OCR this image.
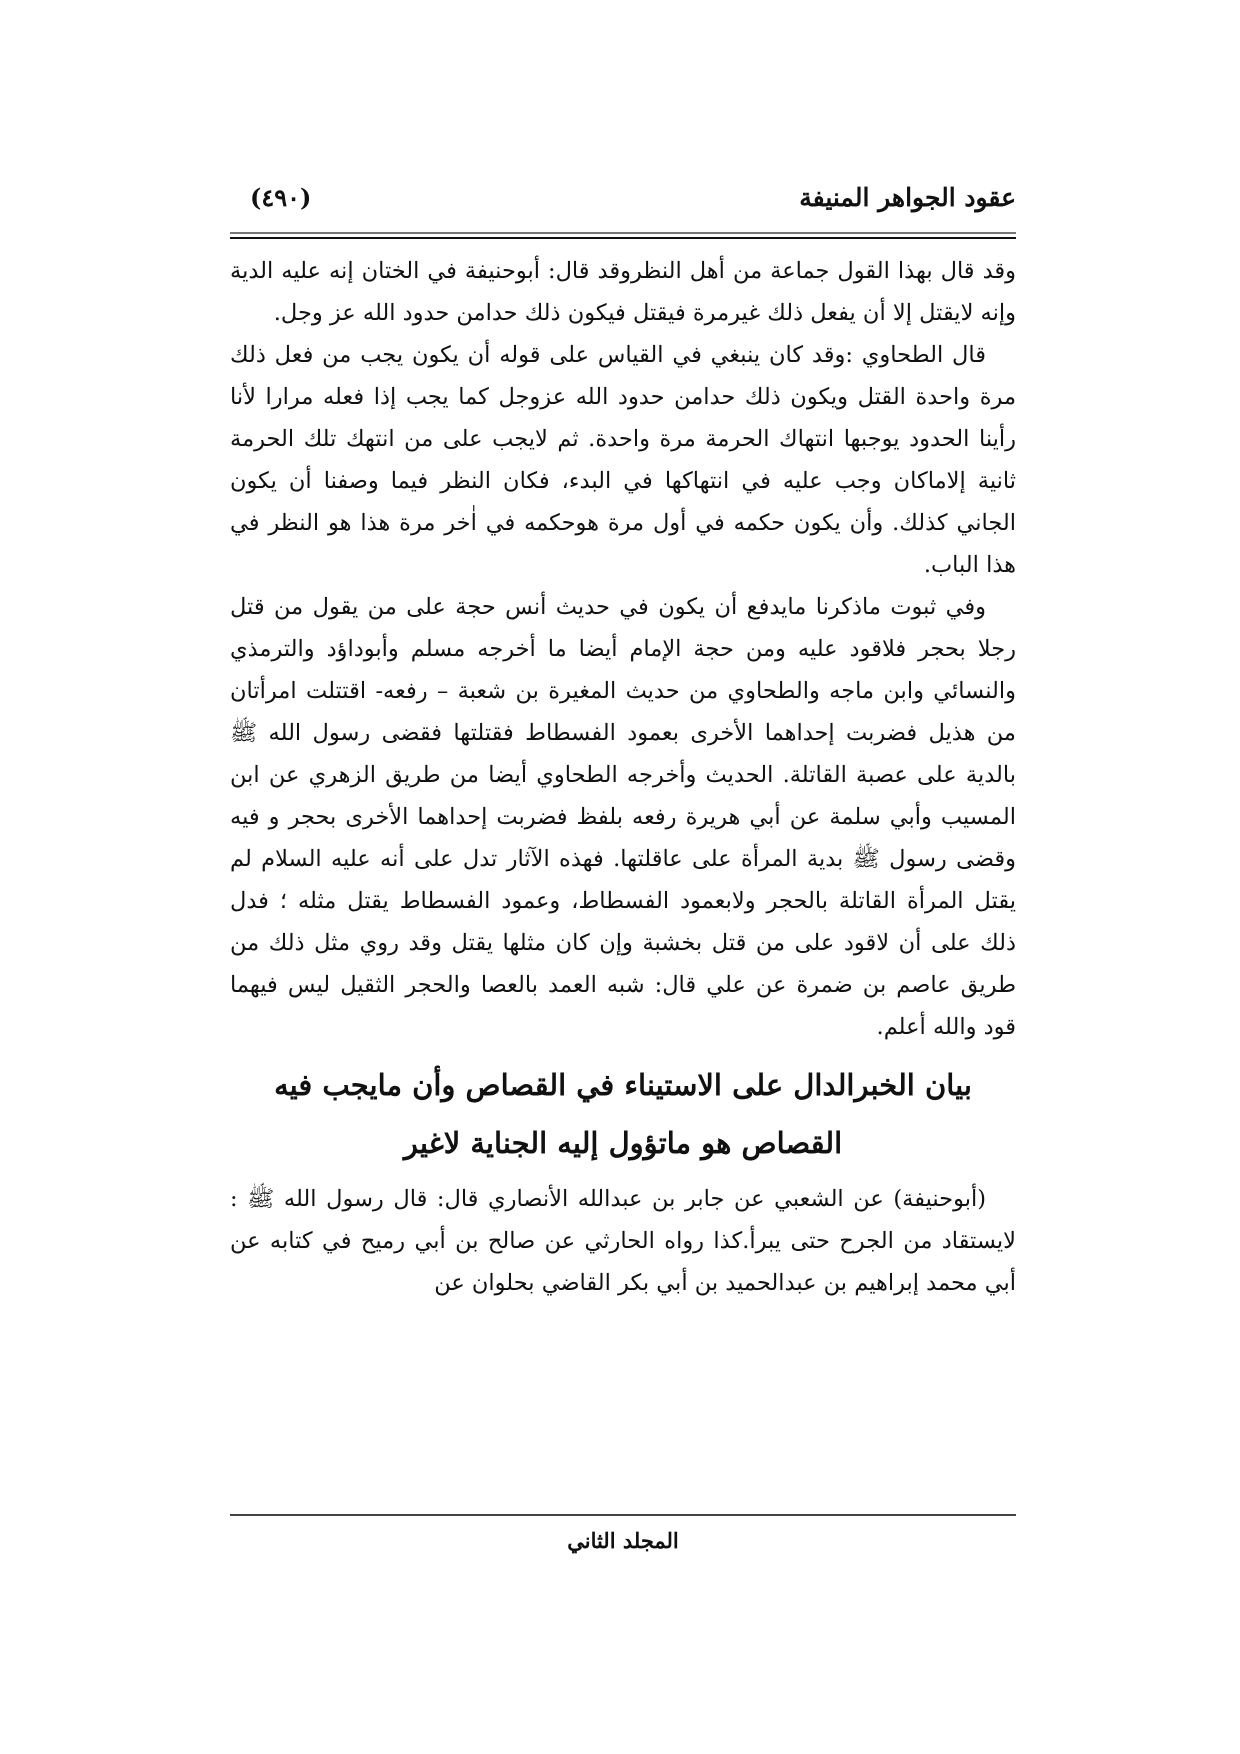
عقود الجواهر المنيفة
(٤٩٠)

وقد قال بهذا القول جماعة من أهل النظروقد قال: أبوحنيفة في الختان إنه عليه الدية وإنه لايقتل إلا أن يفعل ذلك غيرمرة فيقتل فيكون ذلك حدامن حدود الله عز وجل.

قال الطحاوي :وقد كان ينبغي في القياس على قوله أن يكون يجب من فعل ذلك مرة واحدة القتل ويكون ذلك حدامن حدود الله عزوجل كما يجب إذا فعله مرارا لأنا رأينا الحدود يوجبها انتهاك الحرمة مرة واحدة. ثم لايجب على من انتهك تلك الحرمة ثانية إلاماكان وجب عليه في انتهاكها في البدء، فكان النظر فيما وصفنا أن يكون الجاني كذلك. وأن يكون حكمه في أول مرة هوحكمه في اٰخر مرة هذا هو النظر في هذا الباب.

وفي ثبوت ماذكرنا مايدفع أن يكون في حديث أنس حجة على من يقول من قتل رجلا بحجر فلاقود عليه ومن حجة الإمام أيضا ما أخرجه مسلم وأبوداؤد والترمذي والنسائي وابن ماجه والطحاوي من حديث المغيرة بن شعبة – رفعه- اقتتلت امرأتان من هذيل فضربت إحداهما الأخرى بعمود الفسطاط فقتلتها فقضى رسول الله ﷺ بالدية على عصبة القاتلة. الحديث وأخرجه الطحاوي أيضا من طريق الزهري عن ابن المسيب وأبي سلمة عن أبي هريرة رفعه بلفظ فضربت إحداهما الأخرى بحجر و فيه وقضى رسول ﷺ بدية المرأة على عاقلتها. فهذه الآثار تدل على أنه عليه السلام لم يقتل المرأة القاتلة بالحجر ولابعمود الفسطاط، وعمود الفسطاط يقتل مثله ؛ فدل ذلك على أن لاقود على من قتل بخشبة وإن كان مثلها يقتل وقد روي مثل ذلك من طريق عاصم بن ضمرة عن علي قال: شبه العمد بالعصا والحجر الثقيل ليس فيهما قود والله أعلم.

بيان الخبرالدال على الاستيناء في القصاص وأن مايجب فيه القصاص هو ماتؤول إليه الجناية لاغير

(أبوحنيفة) عن الشعبي عن جابر بن عبدالله الأنصاري قال: قال رسول الله ﷺ : لايستقاد من الجرح حتى يبرأ.كذا رواه الحارثي عن صالح بن أبي رميح في كتابه عن أبي محمد إبراهيم بن عبدالحميد بن أبي بكر القاضي بحلوان عن

المجلد الثاني
